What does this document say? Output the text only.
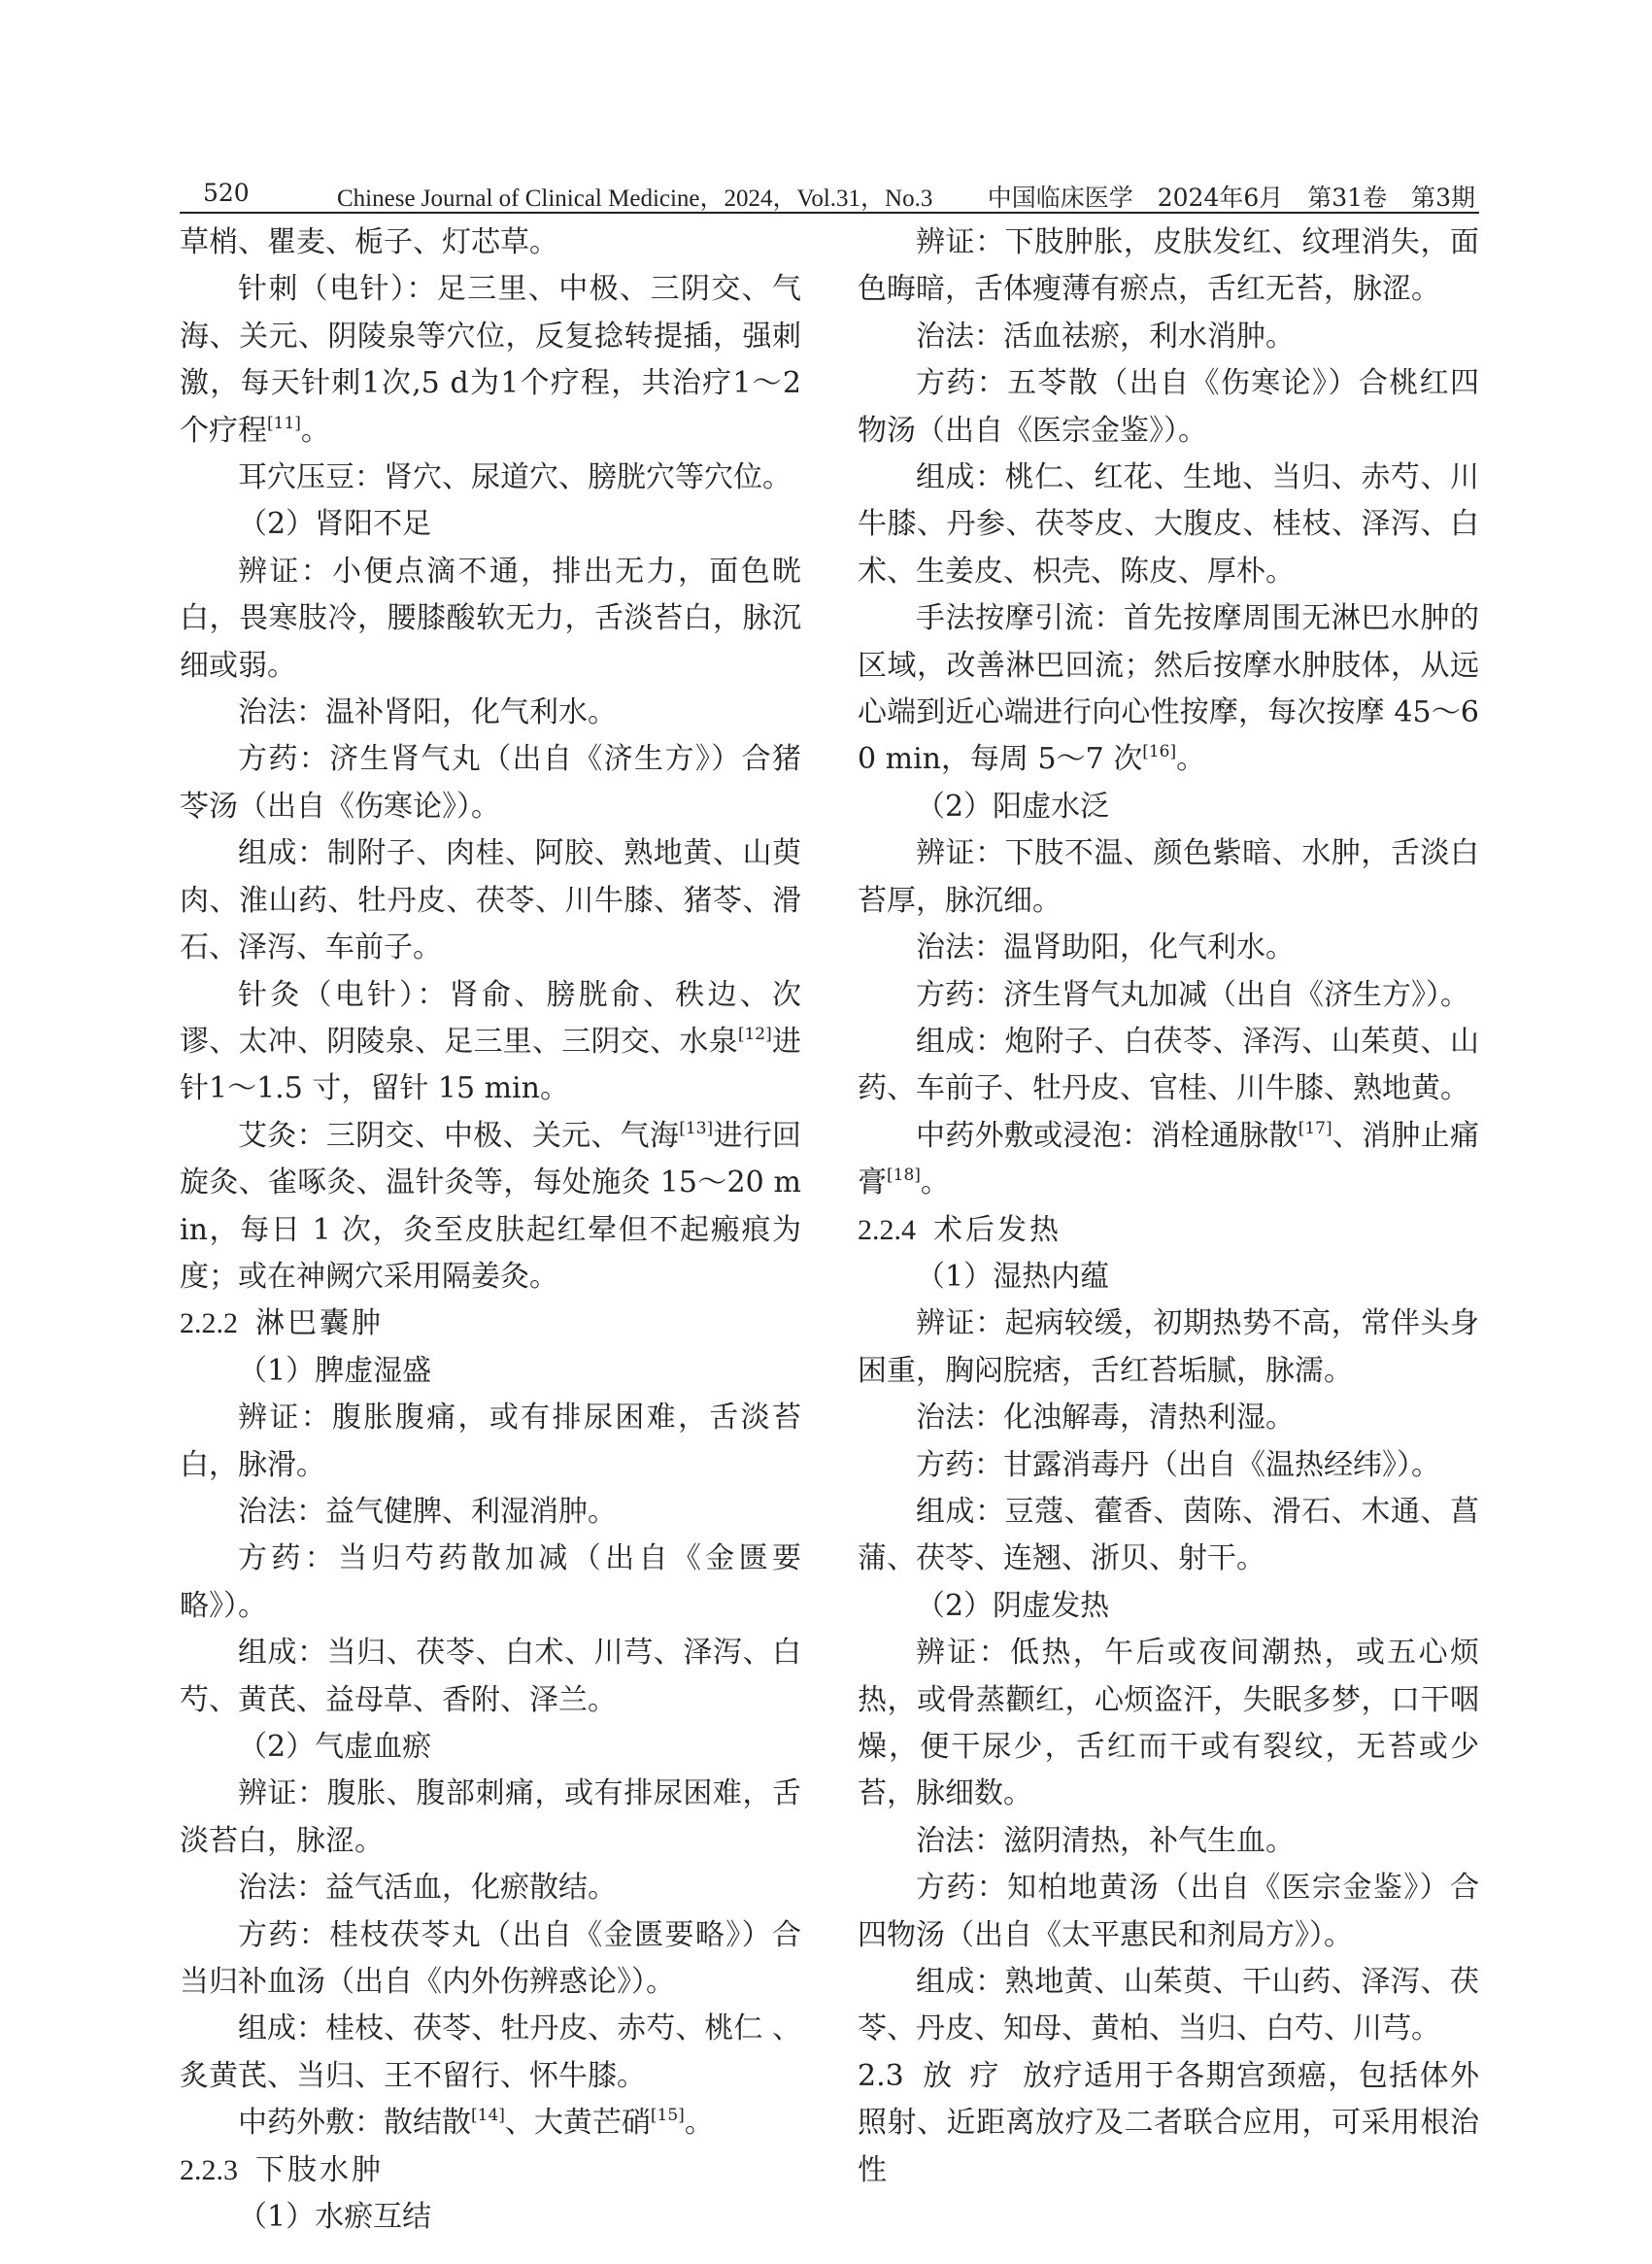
520	Chinese Journal of Clinical Medicine，2024，Vol.31，No.3 中国临床医学　2024年6月　第31卷　第3期

草梢、瞿麦、栀子、灯芯草。

针刺（电针）：足三里、中极、三阴交、气海、关元、阴陵泉等穴位，反复捻转提插，强刺激，每天针刺1次,5 d为1个疗程，共治疗1～2个疗程[11]。

耳穴压豆：肾穴、尿道穴、膀胱穴等穴位。

（2）肾阳不足

辨证：小便点滴不通，排出无力，面色晄白，畏寒肢冷，腰膝酸软无力，舌淡苔白，脉沉细或弱。

治法：温补肾阳，化气利水。

方药：济生肾气丸（出自《济生方》）合猪苓汤（出自《伤寒论》）。

组成：制附子、肉桂、阿胶、熟地黄、山萸肉、淮山药、牡丹皮、茯苓、川牛膝、猪苓、滑石、泽泻、车前子。

针灸（电针）：肾俞、膀胱俞、秩边、次谬、太冲、阴陵泉、足三里、三阴交、水泉[12]进针1～1.5 寸，留针 15 min。

艾灸：三阴交、中极、关元、气海[13]进行回旋灸、雀啄灸、温针灸等，每处施灸 15～20 min，每日 1 次，灸至皮肤起红晕但不起瘢痕为度；或在神阙穴采用隔姜灸。

2.2.2 淋巴囊肿

（1）脾虚湿盛

辨证：腹胀腹痛，或有排尿困难，舌淡苔白，脉滑。

治法：益气健脾、利湿消肿。

方药：当归芍药散加减（出自《金匮要略》）。

组成：当归、茯苓、白术、川芎、泽泻、白芍、黄芪、益母草、香附、泽兰。

（2）气虚血瘀

辨证：腹胀、腹部刺痛，或有排尿困难，舌淡苔白，脉涩。

治法：益气活血，化瘀散结。

方药：桂枝茯苓丸（出自《金匮要略》）合当归补血汤（出自《内外伤辨惑论》）。

组成：桂枝、茯苓、牡丹皮、赤芍、桃仁 、炙黄芪、当归、王不留行、怀牛膝。

中药外敷：散结散[14]、大黄芒硝[15]。

2.2.3 下肢水肿

（1）水瘀互结

辨证：下肢肿胀，皮肤发红、纹理消失，面色晦暗，舌体瘦薄有瘀点，舌红无苔，脉涩。

治法：活血祛瘀，利水消肿。

方药：五苓散（出自《伤寒论》）合桃红四物汤（出自《医宗金鉴》）。

组成：桃仁、红花、生地、当归、赤芍、川牛膝、丹参、茯苓皮、大腹皮、桂枝、泽泻、白术、生姜皮、枳壳、陈皮、厚朴。

手法按摩引流：首先按摩周围无淋巴水肿的区域，改善淋巴回流；然后按摩水肿肢体，从远心端到近心端进行向心性按摩，每次按摩 45～60 min，每周 5～7 次[16]。

（2）阳虚水泛

辨证：下肢不温、颜色紫暗、水肿，舌淡白苔厚，脉沉细。

治法：温肾助阳，化气利水。

方药：济生肾气丸加减（出自《济生方》）。

组成：炮附子、白茯苓、泽泻、山茱萸、山药、车前子、牡丹皮、官桂、川牛膝、熟地黄。

中药外敷或浸泡：消栓通脉散[17]、消肿止痛膏[18]。

2.2.4 术后发热

（1）湿热内蕴

辨证：起病较缓，初期热势不高，常伴头身困重，胸闷脘痞，舌红苔垢腻，脉濡。

治法：化浊解毒，清热利湿。

方药：甘露消毒丹（出自《温热经纬》）。

组成：豆蔻、藿香、茵陈、滑石、木通、菖蒲、茯苓、连翘、浙贝、射干。

（2）阴虚发热

辨证：低热，午后或夜间潮热，或五心烦热，或骨蒸颧红，心烦盗汗，失眠多梦，口干咽燥，便干尿少，舌红而干或有裂纹，无苔或少苔，脉细数。

治法：滋阴清热，补气生血。

方药：知柏地黄汤（出自《医宗金鉴》）合四物汤（出自《太平惠民和剂局方》）。

组成：熟地黄、山茱萸、干山药、泽泻、茯苓、丹皮、知母、黄柏、当归、白芍、川芎。

2.3 放 疗 放疗适用于各期宫颈癌，包括体外照射、近距离放疗及二者联合应用，可采用根治性
